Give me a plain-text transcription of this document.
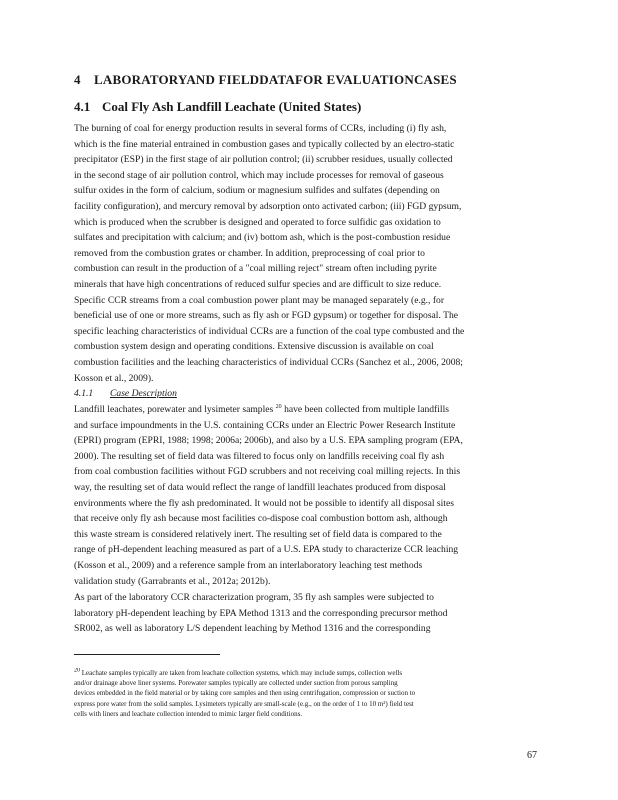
4 LABORATORYAND FIELDDATAFOR EVALUATIONCASES
4.1 Coal Fly Ash Landfill Leachate (United States)
The burning of coal for energy production results in several forms of CCRs, including (i) fly ash,
which is the fine material entrained in combustion gases and typically collected by an electro-static
precipitator (ESP) in the first stage of air pollution control; (ii) scrubber residues, usually collected
in the second stage of air pollution control, which may include processes for removal of gaseous
sulfur oxides in the form of calcium, sodium or magnesium sulfides and sulfates (depending on
facility configuration), and mercury removal by adsorption onto activated carbon; (iii) FGD gypsum,
which is produced when the scrubber is designed and operated to force sulfidic gas oxidation to
sulfates and precipitation with calcium; and (iv) bottom ash, which is the post-combustion residue
removed from the combustion grates or chamber. In addition, preprocessing of coal prior to
combustion can result in the production of a "coal milling reject" stream often including pyrite
minerals that have high concentrations of reduced sulfur species and are difficult to size reduce.
Specific CCR streams from a coal combustion power plant may be managed separately (e.g., for
beneficial use of one or more streams, such as fly ash or FGD gypsum) or together for disposal. The
specific leaching characteristics of individual CCRs are a function of the coal type combusted and the
combustion system design and operating conditions. Extensive discussion is available on coal
combustion facilities and the leaching characteristics of individual CCRs (Sanchez et al., 2006, 2008;
Kosson et al., 2009).
4.1.1 Case Description
Landfill leachates, porewater and lysimeter samples $^{20}$ have been collected from multiple landfills
and surface impoundments in the U.S. containing CCRs under an Electric Power Research Institute
(EPRI) program (EPRI, 1988; 1998; 2006a; 2006b), and also by a U.S. EPA sampling program (EPA,
2000). The resulting set of field data was filtered to focus only on landfills receiving coal fly ash
from coal combustion facilities without FGD scrubbers and not receiving coal milling rejects. In this
way, the resulting set of data would reflect the range of landfill leachates produced from disposal
environments where the fly ash predominated. It would not be possible to identify all disposal sites
that receive only fly ash because most facilities co-dispose coal combustion bottom ash, although
this waste stream is considered relatively inert. The resulting set of field data is compared to the
range of pH-dependent leaching measured as part of a U.S. EPA study to characterize CCR leaching
(Kosson et al., 2009) and a reference sample from an interlaboratory leaching test methods
validation study (Garrabrants et al., 2012a; 2012b).
As part of the laboratory CCR characterization program, 35 fly ash samples were subjected to
laboratory pH-dependent leaching by EPA Method 1313 and the corresponding precursor method
SR002, as well as laboratory L/S dependent leaching by Method 1316 and the corresponding
$^{20}$ Leachate samples typically are taken from leachate collection systems, which may include sumps, collection wells
and/or drainage above liner systems. Porewater samples typically are collected under suction from porous sampling
devices embedded in the field material or by taking core samples and then using centrifugation, compression or suction to
express pore water from the solid samples. Lysimeters typically are small-scale (e.g., on the order of 1 to 10 m²) field test
cells with liners and leachate collection intended to mimic larger field conditions.
67
